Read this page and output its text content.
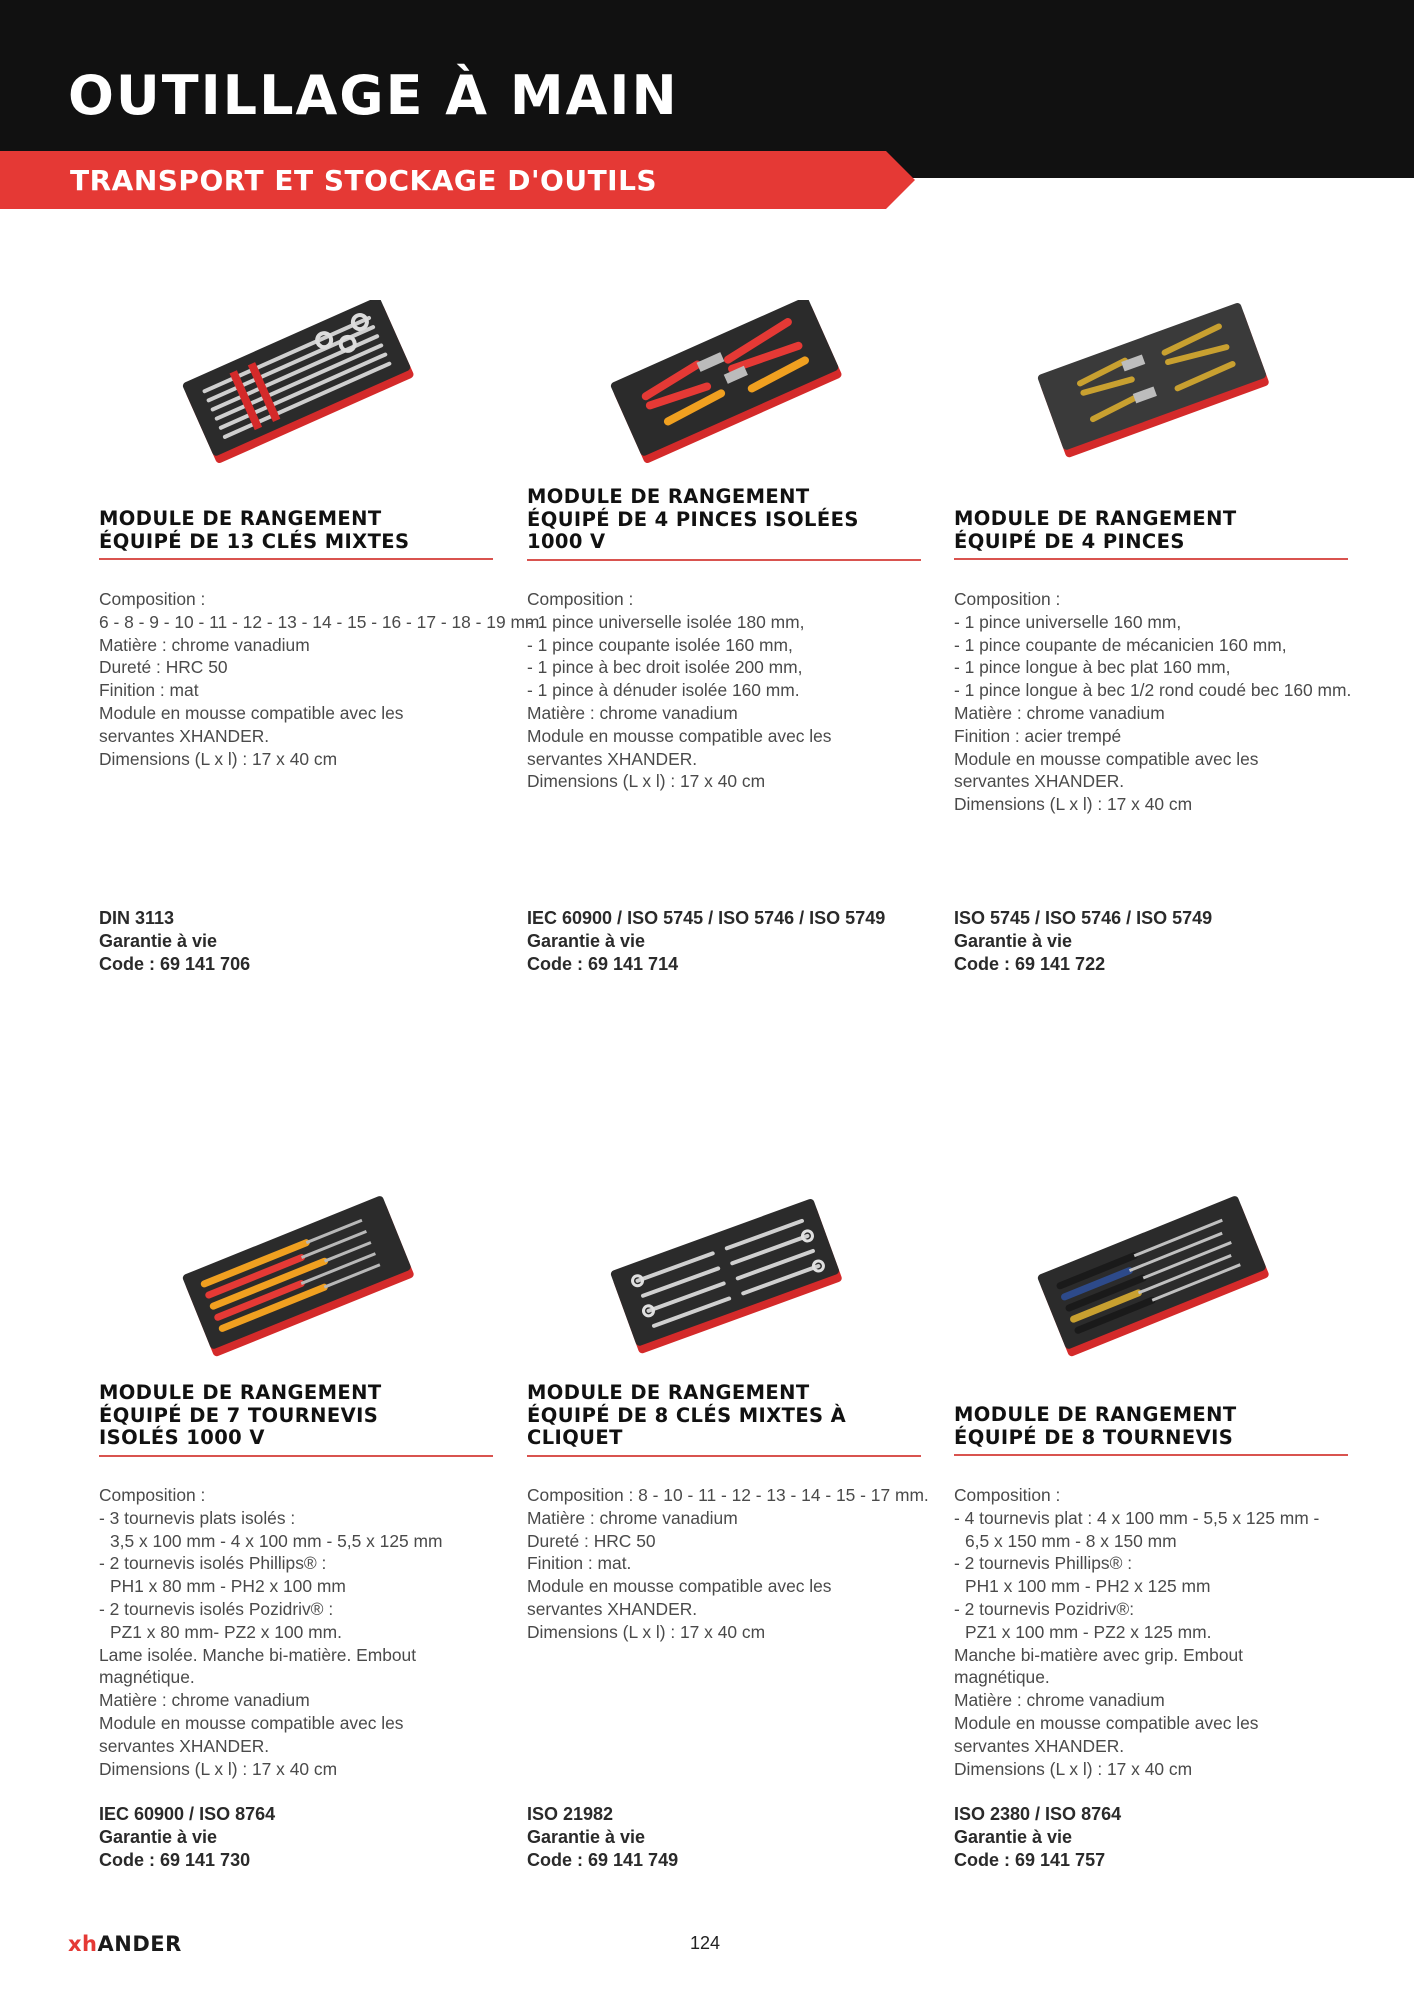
OUTILLAGE À MAIN
TRANSPORT ET STOCKAGE D'OUTILS
MODULE DE RANGEMENT
ÉQUIPÉ DE 13 CLÉS MIXTES
Composition :
6 - 8 - 9 - 10 - 11 - 12 - 13 - 14 - 15 - 16 - 17 - 18 - 19 mm.
Matière : chrome vanadium
Dureté : HRC 50
Finition : mat
Module en mousse compatible avec les
servantes XHANDER.
Dimensions (L x l) : 17 x 40 cm
DIN 3113
Garantie à vie
Code : 69 141 706
MODULE DE RANGEMENT
ÉQUIPÉ DE 4 PINCES ISOLÉES
1000 V
Composition :
- 1 pince universelle isolée 180 mm,
- 1 pince coupante isolée 160 mm,
- 1 pince à bec droit isolée 200 mm,
- 1 pince à dénuder isolée 160 mm.
Matière : chrome vanadium
Module en mousse compatible avec les
servantes XHANDER.
Dimensions (L x l) : 17 x 40 cm
IEC 60900 / ISO 5745 / ISO 5746 / ISO 5749
Garantie à vie
Code : 69 141 714
MODULE DE RANGEMENT
ÉQUIPÉ DE 4 PINCES
Composition :
- 1 pince universelle 160 mm,
- 1 pince coupante de mécanicien 160 mm,
- 1 pince longue à bec plat 160 mm,
- 1 pince longue à bec 1/2 rond coudé bec 160 mm.
Matière : chrome vanadium
Finition : acier trempé
Module en mousse compatible avec les
servantes XHANDER.
Dimensions (L x l) : 17 x 40 cm
ISO 5745 / ISO 5746 / ISO 5749
Garantie à vie
Code : 69 141 722
MODULE DE RANGEMENT
ÉQUIPÉ DE 7 TOURNEVIS
ISOLÉS 1000 V
Composition :
- 3 tournevis plats isolés :
3,5 x 100 mm - 4 x 100 mm - 5,5 x 125 mm
- 2 tournevis isolés Phillips® :
PH1 x 80 mm - PH2 x 100 mm
- 2 tournevis isolés Pozidriv® :
PZ1 x 80 mm- PZ2 x 100 mm.
Lame isolée. Manche bi-matière. Embout
magnétique.
Matière : chrome vanadium
Module en mousse compatible avec les
servantes XHANDER.
Dimensions (L x l) : 17 x 40 cm
IEC 60900 / ISO 8764
Garantie à vie
Code : 69 141 730
MODULE DE RANGEMENT
ÉQUIPÉ DE 8 CLÉS MIXTES À
CLIQUET
Composition : 8 - 10 - 11 - 12 - 13 - 14 - 15 - 17 mm.
Matière : chrome vanadium
Dureté : HRC 50
Finition : mat.
Module en mousse compatible avec les
servantes XHANDER.
Dimensions (L x l) : 17 x 40 cm
ISO 21982
Garantie à vie
Code : 69 141 749
MODULE DE RANGEMENT
ÉQUIPÉ DE 8 TOURNEVIS
Composition :
- 4 tournevis plat : 4 x 100 mm - 5,5 x 125 mm -
6,5 x 150 mm - 8 x 150 mm
- 2 tournevis Phillips® :
PH1 x 100 mm - PH2 x 125 mm
- 2 tournevis Pozidriv®:
PZ1 x 100 mm - PZ2 x 125 mm.
Manche bi-matière avec grip. Embout
magnétique.
Matière : chrome vanadium
Module en mousse compatible avec les
servantes XHANDER.
Dimensions (L x l) : 17 x 40 cm
ISO 2380 / ISO 8764
Garantie à vie
Code : 69 141 757
xhANDER	124
